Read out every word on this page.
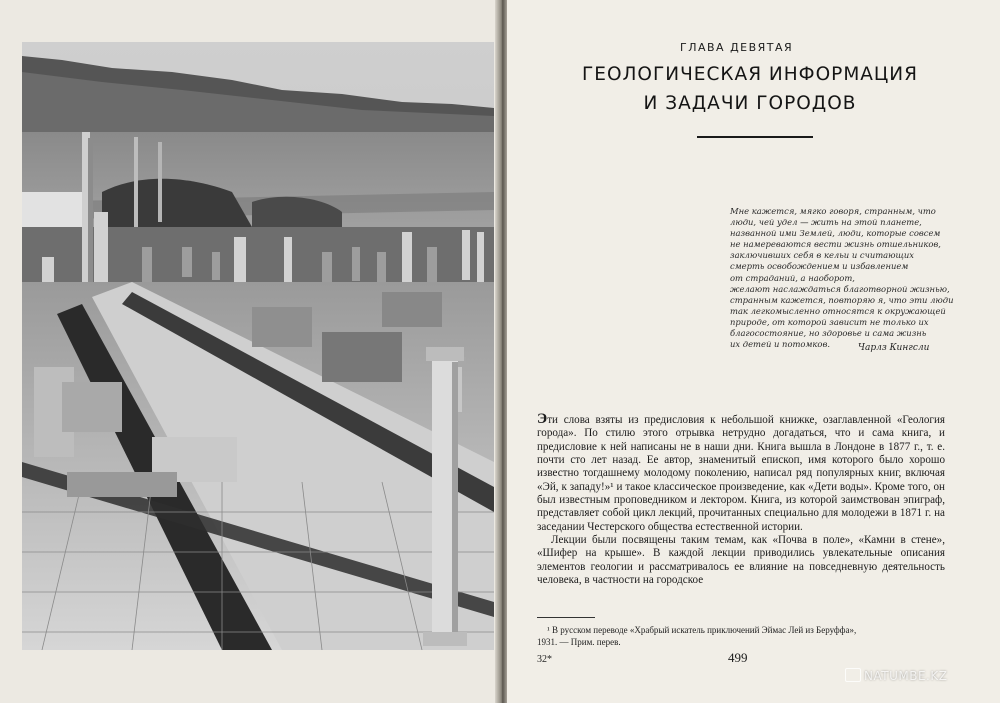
ГЛАВА ДЕВЯТАЯ
ГЕОЛОГИЧЕСКАЯ ИНФОРМАЦИЯ
И ЗАДАЧИ ГОРОДОВ
Мне кажется, мягко говоря, странным, что
люди, чей удел — жить на этой планете,
названной ими Землей, люди, которые совсем
не намереваются вести жизнь отшельников,
заключивших себя в кельи и считающих
смерть освобождением и избавлением
от страданий, а наоборот,
желают наслаждаться благотворной жизнью,
странным кажется, повторяю я, что эти люди
так легкомысленно относятся к окружающей
природе, от которой зависит не только их
благосостояние, но здоровье и сама жизнь
их детей и потомков.	Чарлз Кингсли

Эти слова взяты из предисловия к небольшой книжке, озаглавленной «Геология города». По стилю этого отрывка нетрудно догадаться, что и сама книга, и предисловие к ней написаны не в наши дни. Книга вышла в Лондоне в 1877 г., т. е. почти сто лет назад. Ее автор, знаменитый епископ, имя которого было хорошо известно тогдашнему молодому поколению, написал ряд популярных книг, включая «Эй, к западу!»¹ и такое классическое произведение, как «Дети воды». Кроме того, он был известным проповедником и лектором. Книга, из которой заимствован эпиграф, представляет собой цикл лекций, прочитанных специально для молодежи в 1871 г. на заседании Честерского общества естественной истории.

Лекции были посвящены таким темам, как «Почва в поле», «Камни в стене», «Шифер на крыше». В каждой лекции приводились увлекательные описания элементов геологии и рассматривалось ее влияние на повседневную деятельность человека, в частности на городское

¹ В русском переводе «Храбрый искатель приключений Эймас Лей из Беруффа»,
1931. — Прим. перев.
32*	499
NATUMBE.KZ
